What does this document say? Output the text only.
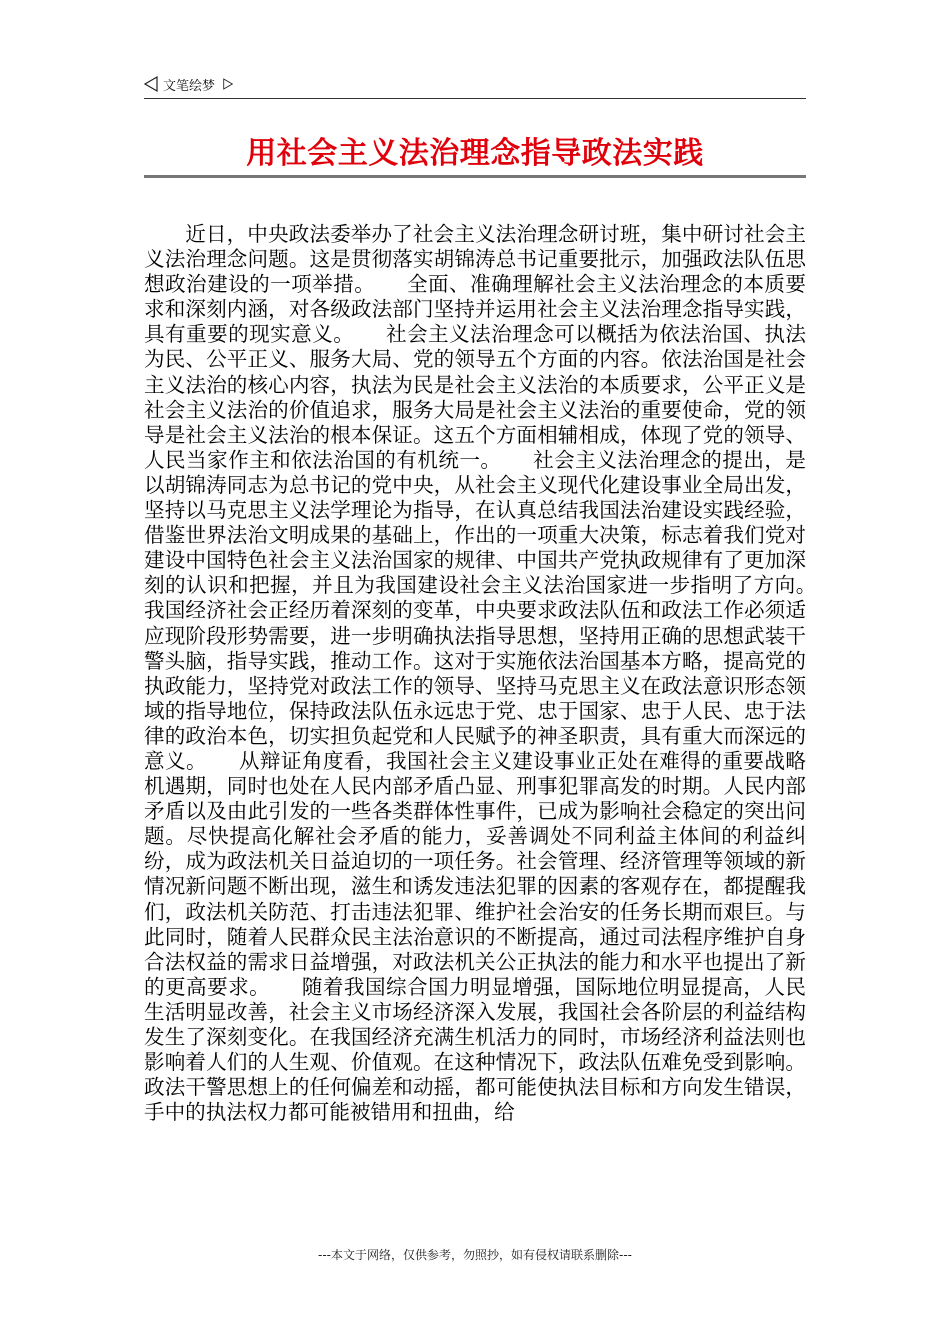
文笔绘梦
用社会主义法治理念指导政法实践

近日，中央政法委举办了社会主义法治理念研讨班，集中研讨社会主义法治理念问题。这是贯彻落实胡锦涛总书记重要批示，加强政法队伍思想政治建设的一项举措。　　全面、准确理解社会主义法治理念的本质要求和深刻内涵，对各级政法部门坚持并运用社会主义法治理念指导实践，具有重要的现实意义。　　社会主义法治理念可以概括为依法治国、执法为民、公平正义、服务大局、党的领导五个方面的内容。依法治国是社会主义法治的核心内容，执法为民是社会主义法治的本质要求，公平正义是社会主义法治的价值追求，服务大局是社会主义法治的重要使命，党的领导是社会主义法治的根本保证。这五个方面相辅相成，体现了党的领导、人民当家作主和依法治国的有机统一。　　社会主义法治理念的提出，是以胡锦涛同志为总书记的党中央，从社会主义现代化建设事业全局出发，坚持以马克思主义法学理论为指导，在认真总结我国法治建设实践经验，借鉴世界法治文明成果的基础上，作出的一项重大决策，标志着我们党对建设中国特色社会主义法治国家的规律、中国共产党执政规律有了更加深刻的认识和把握，并且为我国建设社会主义法治国家进一步指明了方向。　　我国经济社会正经历着深刻的变革，中央要求政法队伍和政法工作必须适应现阶段形势需要，进一步明确执法指导思想，坚持用正确的思想武装干警头脑，指导实践，推动工作。这对于实施依法治国基本方略，提高党的执政能力，坚持党对政法工作的领导、坚持马克思主义在政法意识形态领域的指导地位，保持政法队伍永远忠于党、忠于国家、忠于人民、忠于法律的政治本色，切实担负起党和人民赋予的神圣职责，具有重大而深远的意义。　　从辩证角度看，我国社会主义建设事业正处在难得的重要战略机遇期，同时也处在人民内部矛盾凸显、刑事犯罪高发的时期。人民内部矛盾以及由此引发的一些各类群体性事件，已成为影响社会稳定的突出问题。尽快提高化解社会矛盾的能力，妥善调处不同利益主体间的利益纠纷，成为政法机关日益迫切的一项任务。社会管理、经济管理等领域的新情况新问题不断出现，滋生和诱发违法犯罪的因素的客观存在，都提醒我们，政法机关防范、打击违法犯罪、维护社会治安的任务长期而艰巨。与此同时，随着人民群众民主法治意识的不断提高，通过司法程序维护自身合法权益的需求日益增强，对政法机关公正执法的能力和水平也提出了新的更高要求。　　随着我国综合国力明显增强，国际地位明显提高，人民生活明显改善，社会主义市场经济深入发展，我国社会各阶层的利益结构发生了深刻变化。在我国经济充满生机活力的同时，市场经济利益法则也影响着人们的人生观、价值观。在这种情况下，政法队伍难免受到影响。政法干警思想上的任何偏差和动摇，都可能使执法目标和方向发生错误，手中的执法权力都可能被错用和扭曲，给

---本文于网络，仅供参考，勿照抄，如有侵权请联系删除---
